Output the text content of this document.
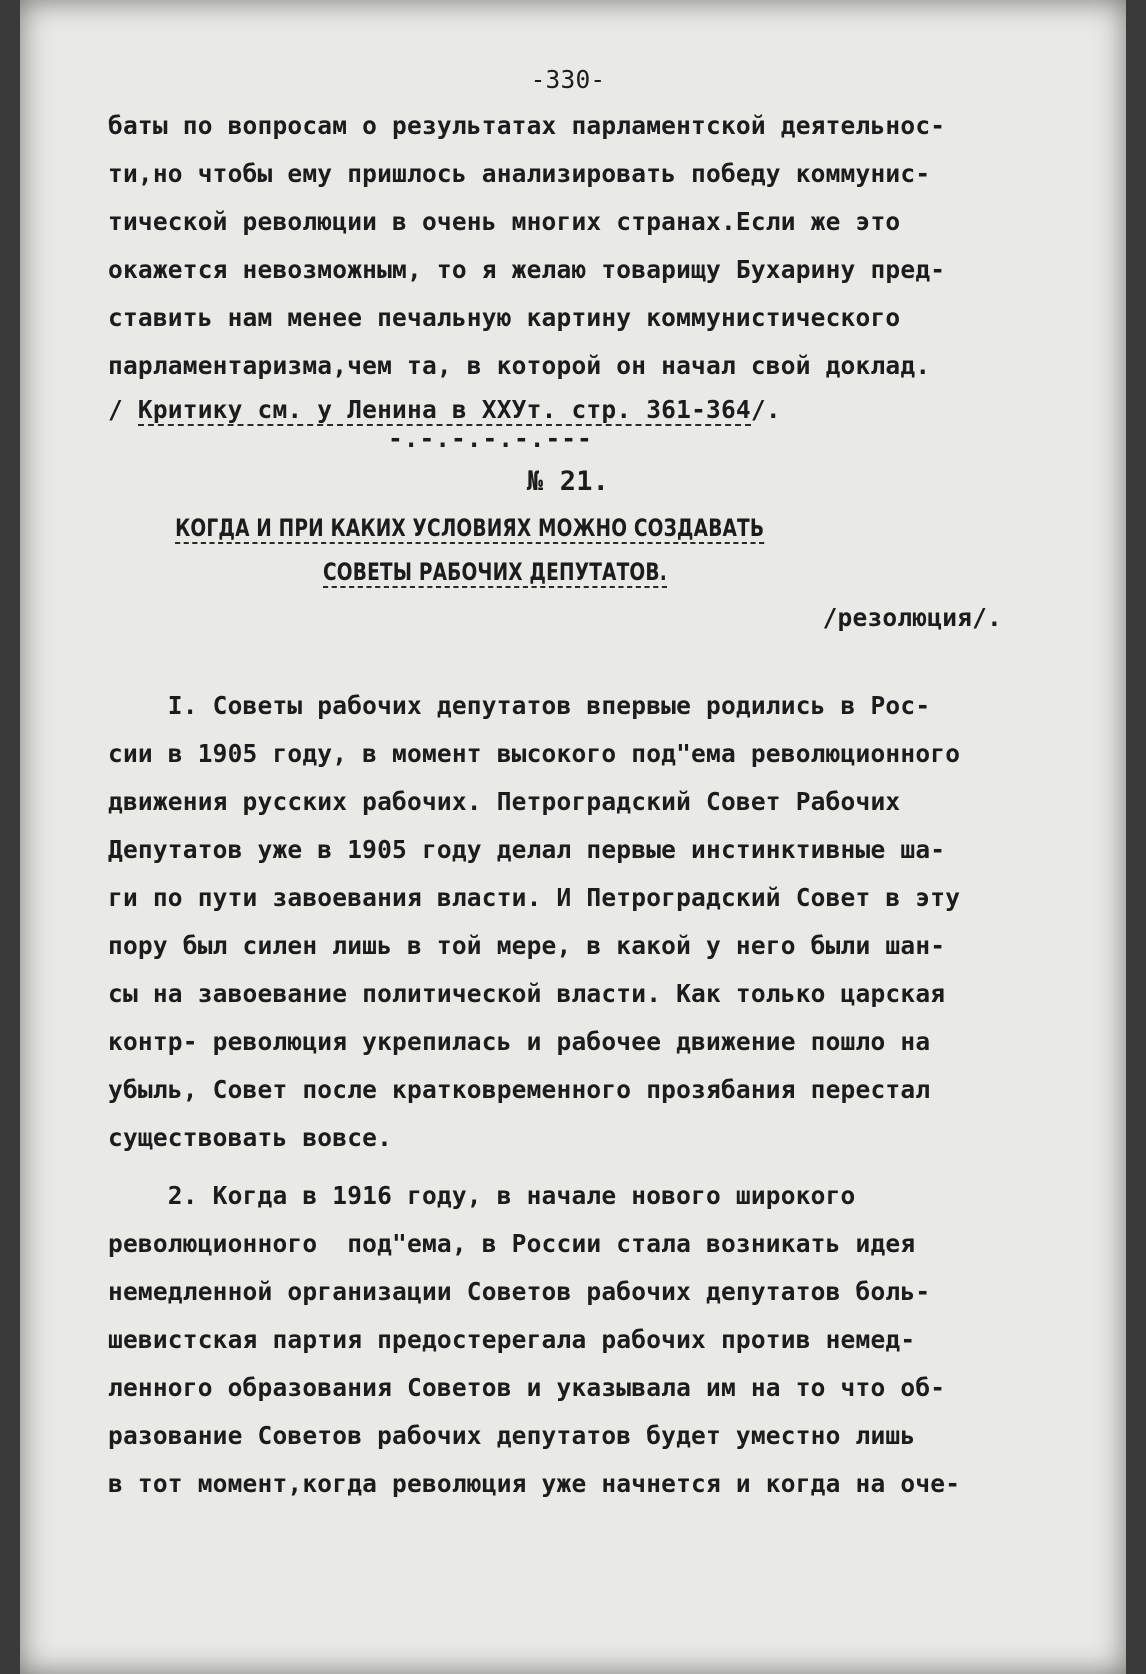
-330-
баты по вопросам о результатах парламентской деятельнос-
ти,но чтобы ему пришлось анализировать победу коммунис-
тической революции в очень многих странах.Если же это
окажется невозможным, то я желаю товарищу Бухарину пред-
ставить нам менее печальную картину коммунистического
парламентаризма,чем та, в которой он начал свой доклад.
/ Критику см. у Ленина в XXУт. стр. 361-364/.
-.-.-.-.-.---
№ 21.
КОГДА И ПРИ КАКИХ УСЛОВИЯХ МОЖНО СОЗДАВАТЬ
СОВЕТЫ РАБОЧИХ ДЕПУТАТОВ.
/резолюция/.
I. Советы рабочих депутатов впервые родились в Рос-
сии в 1905 году, в момент высокого под"ема революционного
движения русских рабочих. Петроградский Совет Рабочих
Депутатов уже в 1905 году делал первые инстинктивные ша-
ги по пути завоевания власти. И Петроградский Совет в эту
пору был силен лишь в той мере, в какой у него были шан-
сы на завоевание политической власти. Как только царская
контр- революция укрепилась и рабочее движение пошло на
убыль, Совет после кратковременного прозябания перестал
существовать вовсе.
2. Когда в 1916 году, в начале нового широкого
революционного  под"ема, в России стала возникать идея
немедленной организации Советов рабочих депутатов боль-
шевистская партия предостерегала рабочих против немед-
ленного образования Советов и указывала им на то что об-
разование Советов рабочих депутатов будет уместно лишь
в тот момент,когда революция уже начнется и когда на оче-
